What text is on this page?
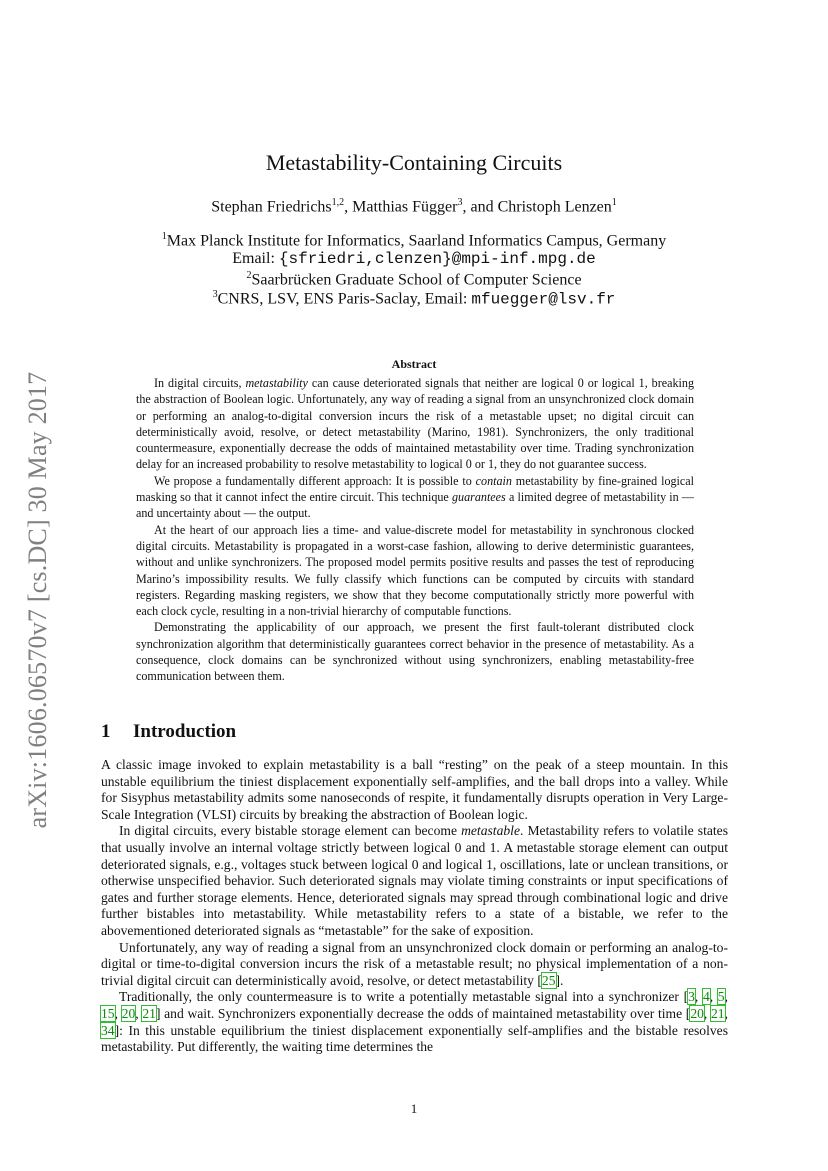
arXiv:1606.06570v7 [cs.DC] 30 May 2017
Metastability-Containing Circuits
Stephan Friedrichs$^{1,2}$, Matthias Függer$^3$, and Christoph Lenzen$^1$
$^1$Max Planck Institute for Informatics, Saarland Informatics Campus, Germany
Email: {sfriedri,clenzen}@mpi-inf.mpg.de
$^2$Saarbrücken Graduate School of Computer Science
$^3$CNRS, LSV, ENS Paris-Saclay, Email: mfuegger@lsv.fr
Abstract

In digital circuits, metastability can cause deteriorated signals that neither are logical 0 or logical 1, breaking the abstraction of Boolean logic. Unfortunately, any way of reading a signal from an unsynchronized clock domain or performing an analog-to-digital conversion incurs the risk of a metastable upset; no digital circuit can deterministically avoid, resolve, or detect metastability (Marino, 1981). Synchronizers, the only traditional countermeasure, exponentially decrease the odds of maintained metastability over time. Trading synchronization delay for an increased probability to resolve metastability to logical 0 or 1, they do not guarantee success.

We propose a fundamentally different approach: It is possible to contain metastability by fine-grained logical masking so that it cannot infect the entire circuit. This technique guarantees a limited degree of metastability in — and uncertainty about — the output.

At the heart of our approach lies a time- and value-discrete model for metastability in synchronous clocked digital circuits. Metastability is propagated in a worst-case fashion, allowing to derive deterministic guarantees, without and unlike synchronizers. The proposed model permits positive results and passes the test of reproducing Marino’s impossibility results. We fully classify which functions can be computed by circuits with standard registers. Regarding masking registers, we show that they become computationally strictly more powerful with each clock cycle, resulting in a non-trivial hierarchy of computable functions.

Demonstrating the applicability of our approach, we present the first fault-tolerant distributed clock synchronization algorithm that deterministically guarantees correct behavior in the presence of metastability. As a consequence, clock domains can be synchronized without using synchronizers, enabling metastability-free communication between them.

1 Introduction

A classic image invoked to explain metastability is a ball “resting” on the peak of a steep mountain. In this unstable equilibrium the tiniest displacement exponentially self-amplifies, and the ball drops into a valley. While for Sisyphus metastability admits some nanoseconds of respite, it fundamentally disrupts operation in Very Large-Scale Integration (VLSI) circuits by breaking the abstraction of Boolean logic.

In digital circuits, every bistable storage element can become metastable. Metastability refers to volatile states that usually involve an internal voltage strictly between logical 0 and 1. A metastable storage element can output deteriorated signals, e.g., voltages stuck between logical 0 and logical 1, oscillations, late or unclean transitions, or otherwise unspecified behavior. Such deteriorated signals may violate timing constraints or input specifications of gates and further storage elements. Hence, deteriorated signals may spread through combinational logic and drive further bistables into metastability. While metastability refers to a state of a bistable, we refer to the abovementioned deteriorated signals as “metastable” for the sake of exposition.

Unfortunately, any way of reading a signal from an unsynchronized clock domain or performing an analog-to-digital or time-to-digital conversion incurs the risk of a metastable result; no physical implementation of a non-trivial digital circuit can deterministically avoid, resolve, or detect metastability [25].

Traditionally, the only countermeasure is to write a potentially metastable signal into a synchronizer [3, 4, 5, 15, 20, 21] and wait. Synchronizers exponentially decrease the odds of maintained metastability over time [20, 21, 34]: In this unstable equilibrium the tiniest displacement exponentially self-amplifies and the bistable resolves metastability. Put differently, the waiting time determines the

1
